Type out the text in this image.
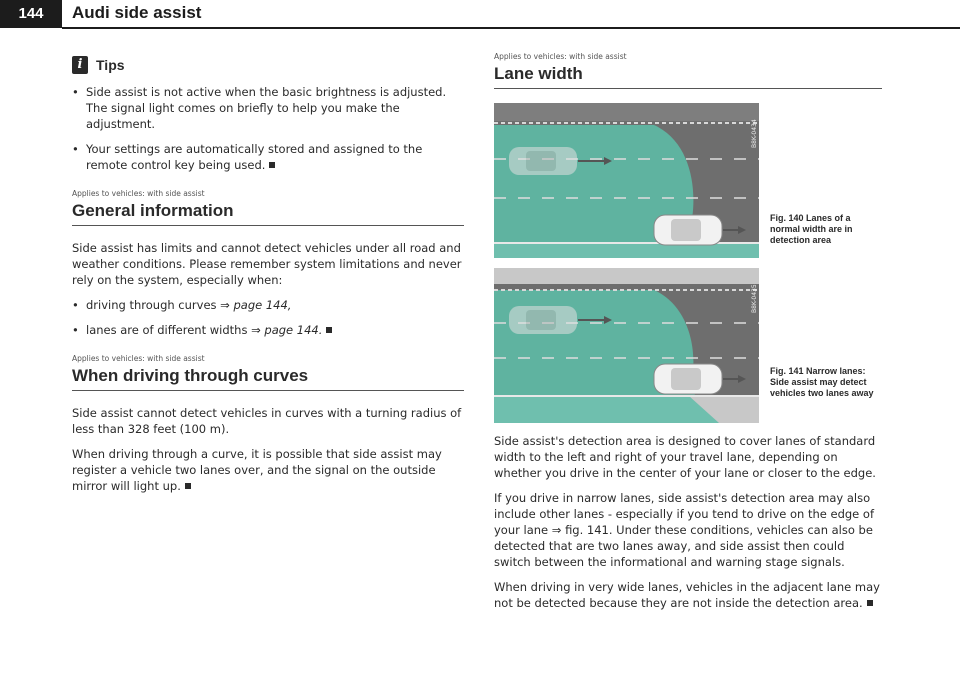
144	Audi side assist
i Tips

• Side assist is not active when the basic brightness is adjusted. The signal light comes on briefly to help you make the adjustment.

• Your settings are automatically stored and assigned to the remote control key being used.

Applies to vehicles: with side assist
General information

Side assist has limits and cannot detect vehicles under all road and weather conditions. Please remember system limitations and never rely on the system, especially when:

• driving through curves ⇒ page 144,

• lanes are of different widths ⇒ page 144.

Applies to vehicles: with side assist
When driving through curves

Side assist cannot detect vehicles in curves with a turning radius of less than 328 feet (100 m).

When driving through a curve, it is possible that side assist may register a vehicle two lanes over, and the signal on the outside mirror will light up.

Applies to vehicles: with side assist
Lane width
B8K-0434
Fig. 140 Lanes of a normal width are in detection area
B8K-0435
Fig. 141 Narrow lanes: Side assist may detect vehicles two lanes away

Side assist's detection area is designed to cover lanes of standard width to the left and right of your travel lane, depending on whether you drive in the center of your lane or closer to the edge.

If you drive in narrow lanes, side assist's detection area may also include other lanes - especially if you tend to drive on the edge of your lane ⇒ fig. 141. Under these conditions, vehicles can also be detected that are two lanes away, and side assist then could switch between the informational and warning stage signals.

When driving in very wide lanes, vehicles in the adjacent lane may not be detected because they are not inside the detection area.
